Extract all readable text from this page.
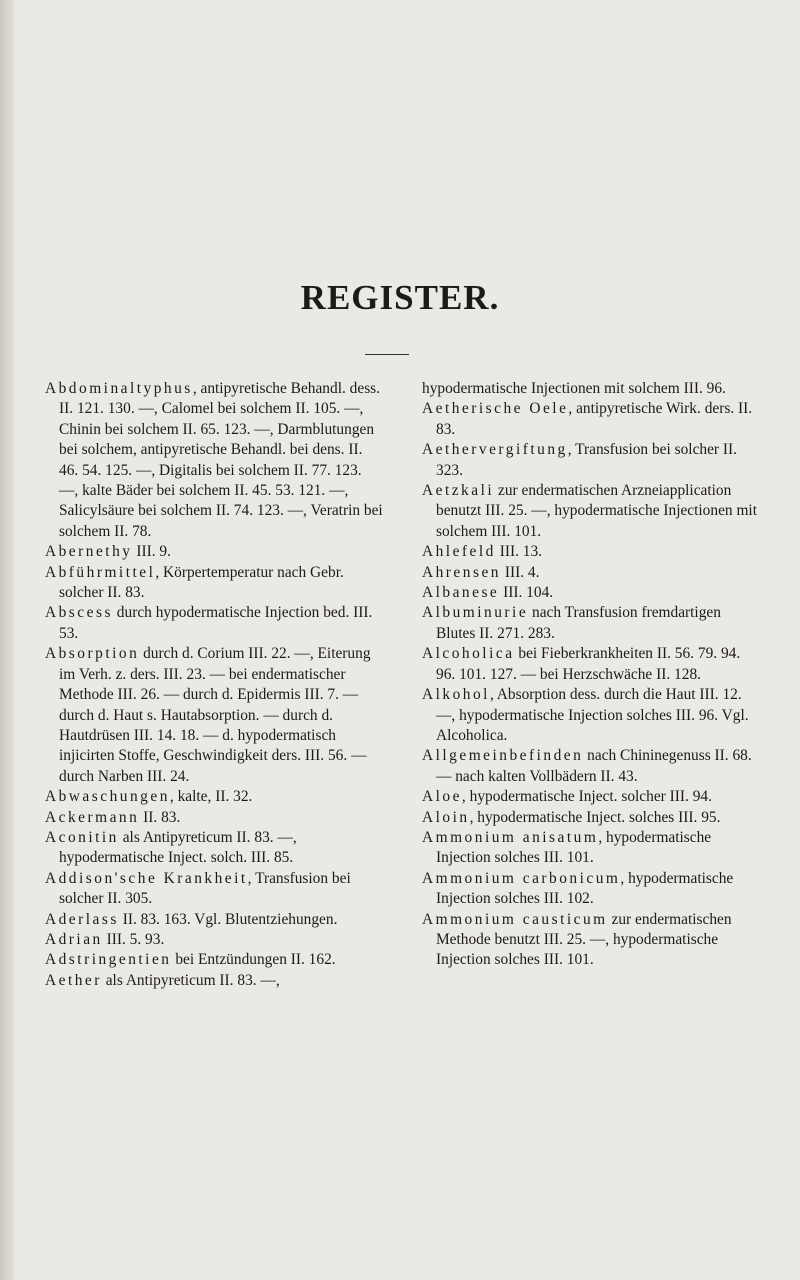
REGISTER.

Abdominaltyphus, antipyretische Behandl. dess. II. 121. 130. —, Calomel bei solchem II. 105. —, Chinin bei solchem II. 65. 123. —, Darmblutungen bei solchem, antipyretische Behandl. bei dens. II. 46. 54. 125. —, Digitalis bei solchem II. 77. 123. —, kalte Bäder bei solchem II. 45. 53. 121. —, Salicylsäure bei solchem II. 74. 123. —, Veratrin bei solchem II. 78.

Abernethy III. 9.

Abführmittel, Körpertemperatur nach Gebr. solcher II. 83.

Abscess durch hypodermatische Injection bed. III. 53.

Absorption durch d. Corium III. 22. —, Eiterung im Verh. z. ders. III. 23. — bei endermatischer Methode III. 26. — durch d. Epidermis III. 7. — durch d. Haut s. Hautabsorption. — durch d. Hautdrüsen III. 14. 18. — d. hypodermatisch injicirten Stoffe, Geschwindigkeit ders. III. 56. — durch Narben III. 24.

Abwaschungen, kalte, II. 32.

Ackermann II. 83.

Aconitin als Antipyreticum II. 83. —, hypodermatische Inject. solch. III. 85.

Addison'sche Krankheit, Transfusion bei solcher II. 305.

Aderlass II. 83. 163. Vgl. Blutentziehungen.

Adrian III. 5. 93.

Adstringentien bei Entzündungen II. 162.

Aether als Antipyreticum II. 83. —,

hypodermatische Injectionen mit solchem III. 96.

Aetherische Oele, antipyretische Wirk. ders. II. 83.

Aethervergiftung, Transfusion bei solcher II. 323.

Aetzkali zur endermatischen Arzneiapplication benutzt III. 25. —, hypodermatische Injectionen mit solchem III. 101.

Ahlefeld III. 13.

Ahrensen III. 4.

Albanese III. 104.

Albuminurie nach Transfusion fremdartigen Blutes II. 271. 283.

Alcoholica bei Fieberkrankheiten II. 56. 79. 94. 96. 101. 127. — bei Herzschwäche II. 128.

Alkohol, Absorption dess. durch die Haut III. 12. —, hypodermatische Injection solches III. 96. Vgl. Alcoholica.

Allgemeinbefinden nach Chininegenuss II. 68. — nach kalten Vollbädern II. 43.

Aloe, hypodermatische Inject. solcher III. 94.

Aloin, hypodermatische Inject. solches III. 95.

Ammonium anisatum, hypodermatische Injection solches III. 101.

Ammonium carbonicum, hypodermatische Injection solches III. 102.

Ammonium causticum zur endermatischen Methode benutzt III. 25. —, hypodermatische Injection solches III. 101.
